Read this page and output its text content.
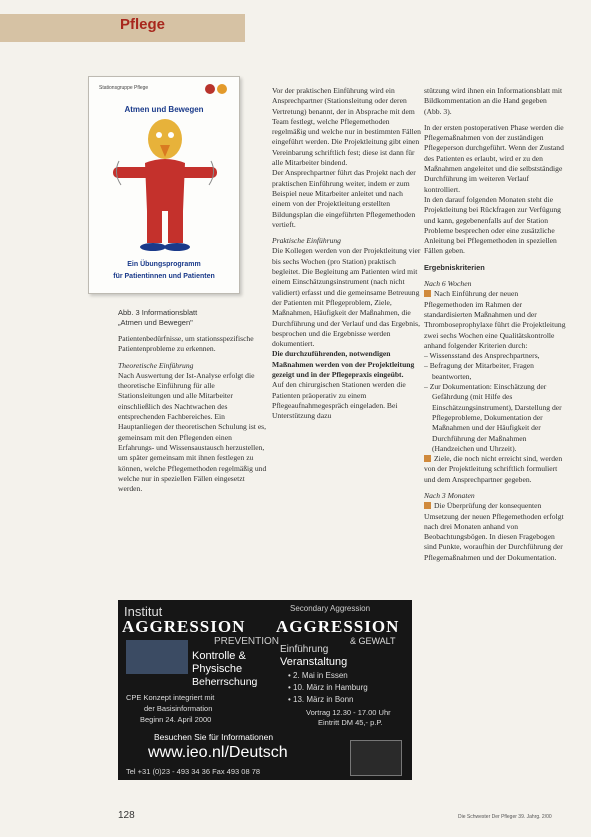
Pflege
Stationsgruppe Pflege
Atmen und Bewegen
Ein Übungsprogramm
für Patientinnen und Patienten
Abb. 3 Informationsblatt
„Atmen und Bewegen"

Patientenbedürfnisse, um stationsspezifische Patientenprobleme zu erkennen.

Theoretische Einführung

Nach Auswertung der Ist-Analyse erfolgt die theoretische Einführung für alle Stationsleitungen und alle Mitarbeiter einschließlich des Nachtwachen des entsprechenden Fachbereiches. Ein Hauptanliegen der theoretischen Schulung ist es, gemeinsam mit den Pflegenden einen Erfahrungs- und Wissensaustausch herzustellen, um später gemeinsam mit ihnen festlegen zu können, welche Pflegemethoden regelmäßig und welche nur in speziellen Fällen eingesetzt werden.

Vor der praktischen Einführung wird ein Ansprechpartner (Stationsleitung oder deren Vertretung) benannt, der in Absprache mit dem Team festlegt, welche Pflegemethoden regelmäßig und welche nur in bestimmten Fällen eingeführt werden. Die Projektleitung gibt einen Vereinbarung schriftlich fest; diese ist dann für alle Mitarbeiter bindend.

Der Ansprechpartner führt das Projekt nach der praktischen Einführung weiter, indem er zum Beispiel neue Mitarbeiter anleitet und nach einem von der Projektleitung erstellten Bildungsplan die eingeführten Pflegemethoden vertieft.

Praktische Einführung

Die Kollegen werden von der Projektleitung vier bis sechs Wochen (pro Station) praktisch begleitet. Die Begleitung am Patienten wird mit einem Einschätzungsinstrument (nach nicht validiert) erfasst und die gemeinsame Betreuung der Patienten mit Pflegeproblem, Ziele, Maßnahmen, Häufigkeit der Maßnahmen, die Durchführung und der Verlauf und das Ergebnis, besprochen und die Ergebnisse werden dokumentiert.

Die durchzuführenden, notwendigen Maßnahmen werden von der Projektleitung gezeigt und in der Pflegepraxis eingeübt.

Auf den chirurgischen Stationen werden die Patienten präoperativ zu einem Pflegeaufnahmegespräch eingeladen. Bei Unterstützung dazu

stützung wird ihnen ein Informationsblatt mit Bildkommentation an die Hand gegeben (Abb. 3).

In der ersten postoperativen Phase werden die Pflegemaßnahmen von der zuständigen Pflegeperson durchgeführt. Wenn der Zustand des Patienten es erlaubt, wird er zu den Maßnahmen angeleitet und die selbstständige Durchführung im weiteren Verlauf kontrolliert.

In den darauf folgenden Monaten steht die Projektleitung bei Rückfragen zur Verfügung und kann, gegebenenfalls auf der Station Probleme besprechen oder eine zusätzliche Anleitung bei Pflegemethoden in speziellen Fällen geben.

Ergebniskriterien

Nach 6 Wochen

Nach Einführung der neuen Pflegemethoden im Rahmen der standardisierten Maßnahmen und der Thromboseprophylaxe führt die Projektleitung zwei sechs Wochen eine Qualitätskontrolle anhand folgender Kriterien durch:

– Wissensstand des Ansprechpartners,
– Befragung der Mitarbeiter, Fragen beantworten,
– Zur Dokumentation: Einschätzung der Gefährdung (mit Hilfe des Einschätzungsinstrument), Darstellung der Pflegeprobleme, Dokumentation der Maßnahmen und der Häufigkeit der Durchführung der Maßnahmen (Handzeichen und Uhrzeit).

Ziele, die noch nicht erreicht sind, werden von der Projektleitung schriftlich formuliert und dem Ansprechpartner gegeben.

Nach 3 Monaten

Die Überprüfung der konsequenten Umsetzung der neuen Pflegemethoden erfolgt nach drei Monaten anhand von Beobachtungsbögen. In diesen Fragebogen sind Punkte, woraufhin der Durchführung der Pflegemaßnahmen und der Dokumentation.

Institut
AGGRESSION
PREVENTION
Kontrolle &
Physische
Beherrschung
CPE Konzept integriert mit
der Basisinformation
Beginn 24. April 2000
Secondary Aggression
AGGRESSION
& GEWALT
Einführung
Veranstaltung
• 2. Mai in Essen
• 10. März in Hamburg
• 13. März in Bonn
Vortrag 12.30 - 17.00 Uhr
Eintritt DM 45,- p.P.
Besuchen Sie für Informationen
www.ieo.nl/Deutsch
Tel +31 (0)23 - 493 34 36 Fax 493 08 78
128	Die Schwester Der Pfleger 39. Jahrg. 2/00
